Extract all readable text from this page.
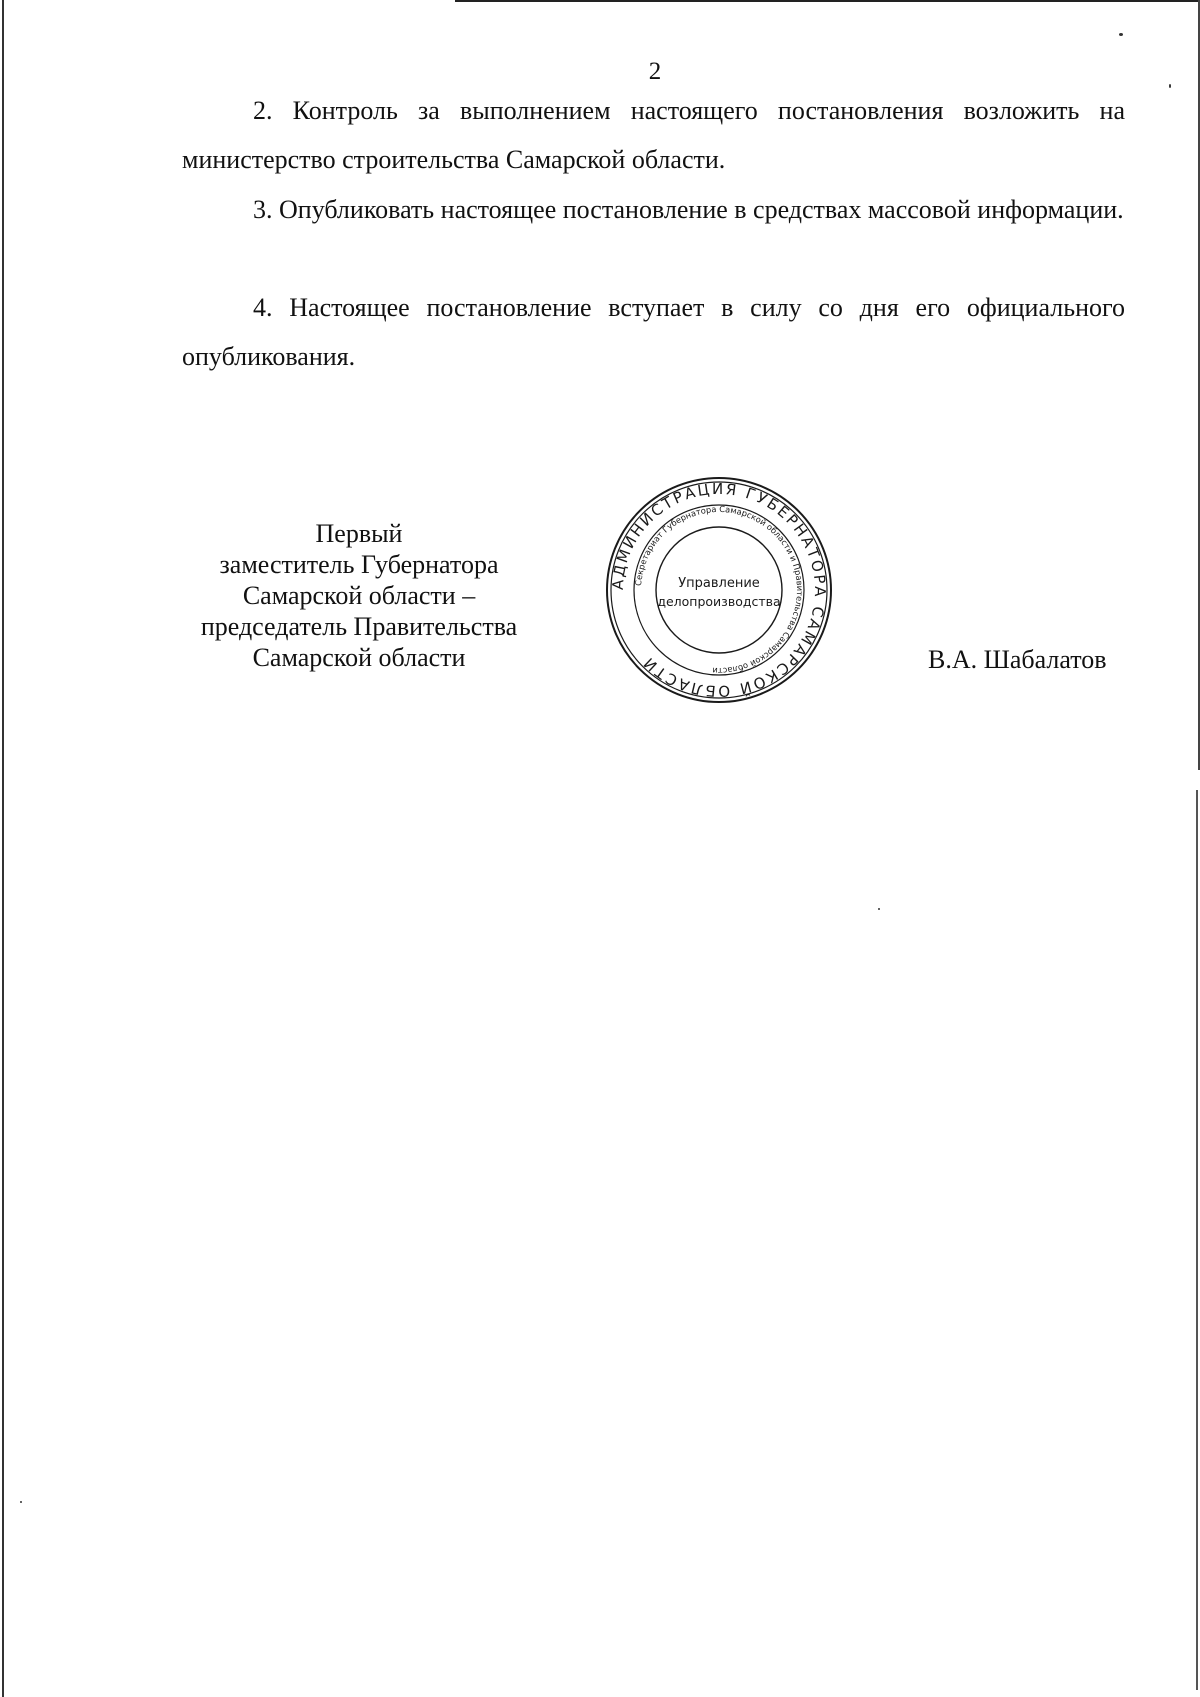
2

2. Контроль за выполнением настоящего постановления возложить на министерство строительства Самарской области.

3. Опубликовать настоящее постановление в средствах массовой информации.

4. Настоящее постановление вступает в силу со дня его официального опубликования.

Первый
заместитель Губернатора
Самарской области –
председатель Правительства
Самарской области
АДМИНИСТРАЦИЯ ГУБЕРНАТОРА САМАРСКОЙ ОБЛАСТИ
Секретариат Губернатора Самарской области и Правительства Самарской области
Управление
делопроизводства
В.А. Шабалатов
